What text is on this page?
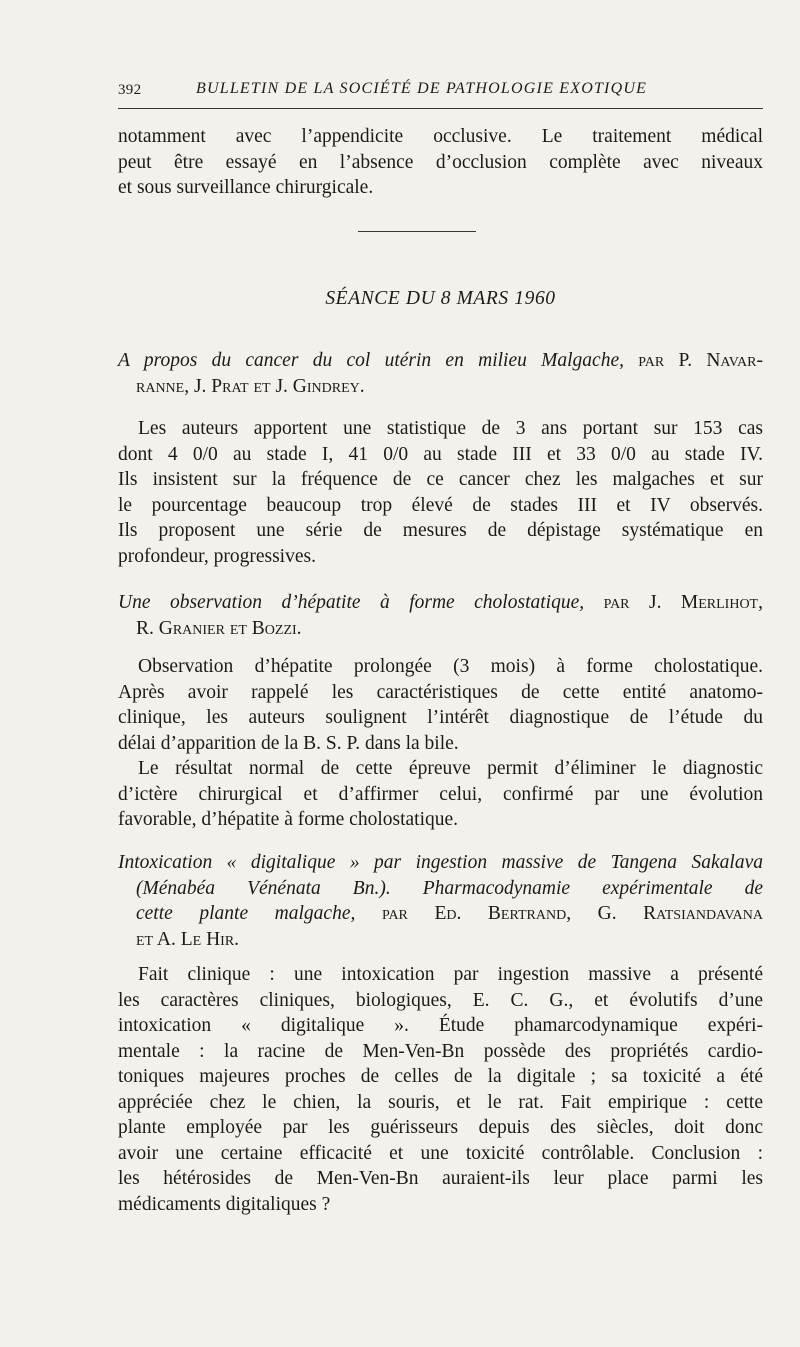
392	BULLETIN DE LA SOCIÉTÉ DE PATHOLOGIE EXOTIQUE
notamment avec l’appendicite occlusive. Le traitement médical
peut être essayé en l’absence d’occlusion complète avec niveaux
et sous surveillance chirurgicale.
SÉANCE DU 8 MARS 1960
A propos du cancer du col utérin en milieu Malgache, par P. Navar-
ranne, J. Prat et J. Gindrey.
Les auteurs apportent une statistique de 3 ans portant sur 153 cas
dont 4 0/0 au stade I, 41 0/0 au stade III et 33 0/0 au stade IV.
Ils insistent sur la fréquence de ce cancer chez les malgaches et sur
le pourcentage beaucoup trop élevé de stades III et IV observés.
Ils proposent une série de mesures de dépistage systématique en
profondeur, progressives.
Une observation d’hépatite à forme cholostatique, par J. Merlihot,
R. Granier et Bozzi.
Observation d’hépatite prolongée (3 mois) à forme cholostatique.
Après avoir rappelé les caractéristiques de cette entité anatomo-
clinique, les auteurs soulignent l’intérêt diagnostique de l’étude du
délai d’apparition de la B. S. P. dans la bile.
Le résultat normal de cette épreuve permit d’éliminer le diagnostic
d’ictère chirurgical et d’affirmer celui, confirmé par une évolution
favorable, d’hépatite à forme cholostatique.
Intoxication « digitalique » par ingestion massive de Tangena Sakalava
(Ménabéa Vénénata Bn.). Pharmacodynamie expérimentale de
cette plante malgache, par Ed. Bertrand, G. Ratsiandavana
et A. Le Hir.
Fait clinique : une intoxication par ingestion massive a présenté
les caractères cliniques, biologiques, E. C. G., et évolutifs d’une
intoxication « digitalique ». Étude phamarcodynamique expéri-
mentale : la racine de Men-Ven-Bn possède des propriétés cardio-
toniques majeures proches de celles de la digitale ; sa toxicité a été
appréciée chez le chien, la souris, et le rat. Fait empirique : cette
plante employée par les guérisseurs depuis des siècles, doit donc
avoir une certaine efficacité et une toxicité contrôlable. Conclusion :
les hétérosides de Men-Ven-Bn auraient-ils leur place parmi les
médicaments digitaliques ?
